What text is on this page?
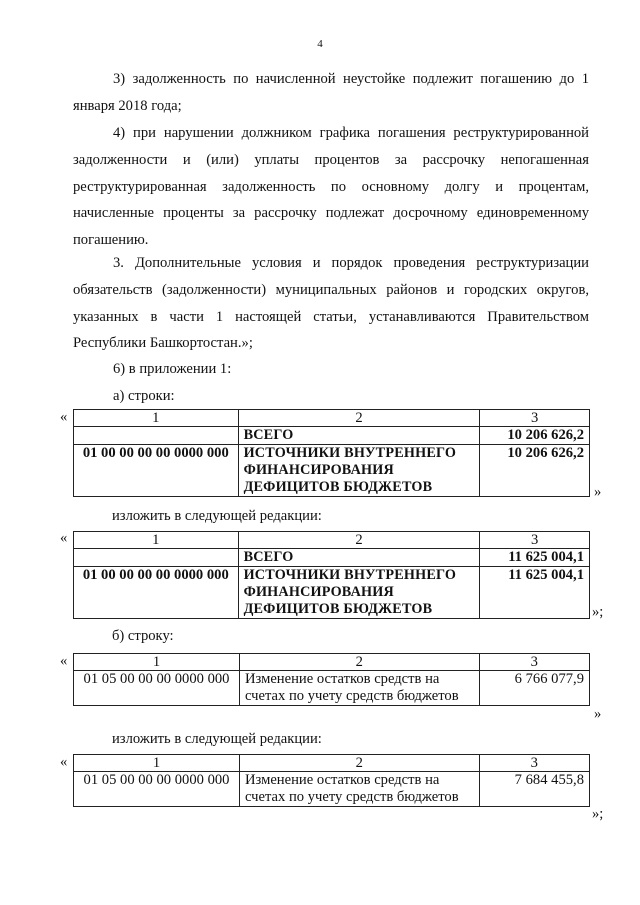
4
3) задолженность по начисленной неустойке подлежит погашению до 1 января 2018 года;
4) при нарушении должником графика погашения реструктурированной задолженности и (или) уплаты процентов за рассрочку непогашенная реструктурированная задолженность по основному долгу и процентам, начисленные проценты за рассрочку подлежат досрочному единовременному погашению.
3. Дополнительные условия и порядок проведения реструктуризации обязательств (задолженности) муниципальных районов и городских округов, указанных в части 1 настоящей статьи, устанавливаются Правительством Республики Башкортостан.»;
6) в приложении 1:
а) строки:
«	1	2	3
	ВСЕГО	10 206 626,2
01 00 00 00 00 0000 000	ИСТОЧНИКИ ВНУТРЕННЕГО ФИНАНСИРОВАНИЯ ДЕФИЦИТОВ БЮДЖЕТОВ	10 206 626,2
»
изложить в следующей редакции:
«	1	2	3
	ВСЕГО	11 625 004,1
01 00 00 00 00 0000 000	ИСТОЧНИКИ ВНУТРЕННЕГО ФИНАНСИРОВАНИЯ ДЕФИЦИТОВ БЮДЖЕТОВ	11 625 004,1
»;
б) строку:
«	1	2	3
01 05 00 00 00 0000 000	Изменение остатков средств на счетах по учету средств бюджетов	6 766 077,9
»
изложить в следующей редакции:
«	1	2	3
01 05 00 00 00 0000 000	Изменение остатков средств на счетах по учету средств бюджетов	7 684 455,8
»;
